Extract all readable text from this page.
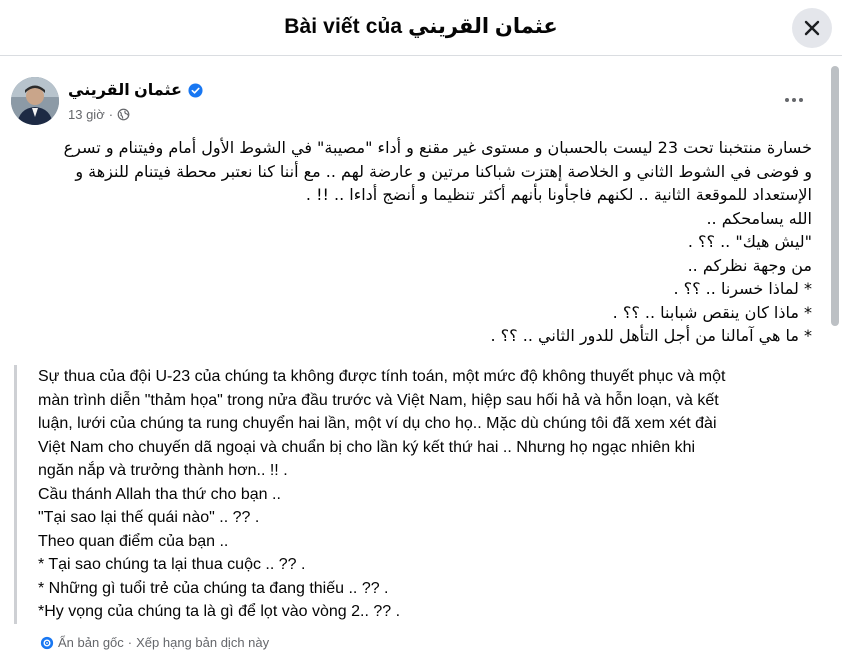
Bài viết của عثمان القريني
عثمان القريني
13 giờ ·

خسارة منتخبنا تحت 23 ليست بالحسبان و مستوى غير مقنع و أداء "مصيبة" في الشوط الأول أمام وفيتنام و تسرع

و فوضى في الشوط الثاني و الخلاصة إهتزت شباكنا مرتين و عارضة لهم .. مع أننا كنا نعتبر محطة فيتنام للنزهة و

الإستعداد للموقعة الثانية .. لكنهم فاجأونا بأنهم أكثر تنظيما و أنضج أداءا .. !! .

الله يسامحكم ..

"ليش هيك" .. ؟؟ .

من وجهة نظركم ..

* لماذا خسرنا .. ؟؟ .

* ماذا كان ينقص شبابنا .. ؟؟ .

* ما هي آمالنا من أجل التأهل للدور الثاني .. ؟؟ .

Sự thua của đội U-23 của chúng ta không được tính toán, một mức độ không thuyết phục và một

màn trình diễn "thảm họa" trong nửa đầu trước và Việt Nam, hiệp sau hối hả và hỗn loạn, và kết

luận, lưới của chúng ta rung chuyển hai lần, một ví dụ cho họ.. Mặc dù chúng tôi đã xem xét đài

Việt Nam cho chuyến dã ngoại và chuẩn bị cho lần ký kết thứ hai .. Nhưng họ ngạc nhiên khi

ngăn nắp và trưởng thành hơn.. !! .

Cầu thánh Allah tha thứ cho bạn ..

"Tại sao lại thế quái nào" .. ?? .

Theo quan điểm của bạn ..

* Tại sao chúng ta lại thua cuộc .. ?? .

* Những gì tuổi trẻ của chúng ta đang thiếu .. ?? .

*Hy vọng của chúng ta là gì để lọt vào vòng 2.. ?? .

Ẩn bản gốc · Xếp hạng bản dịch này
